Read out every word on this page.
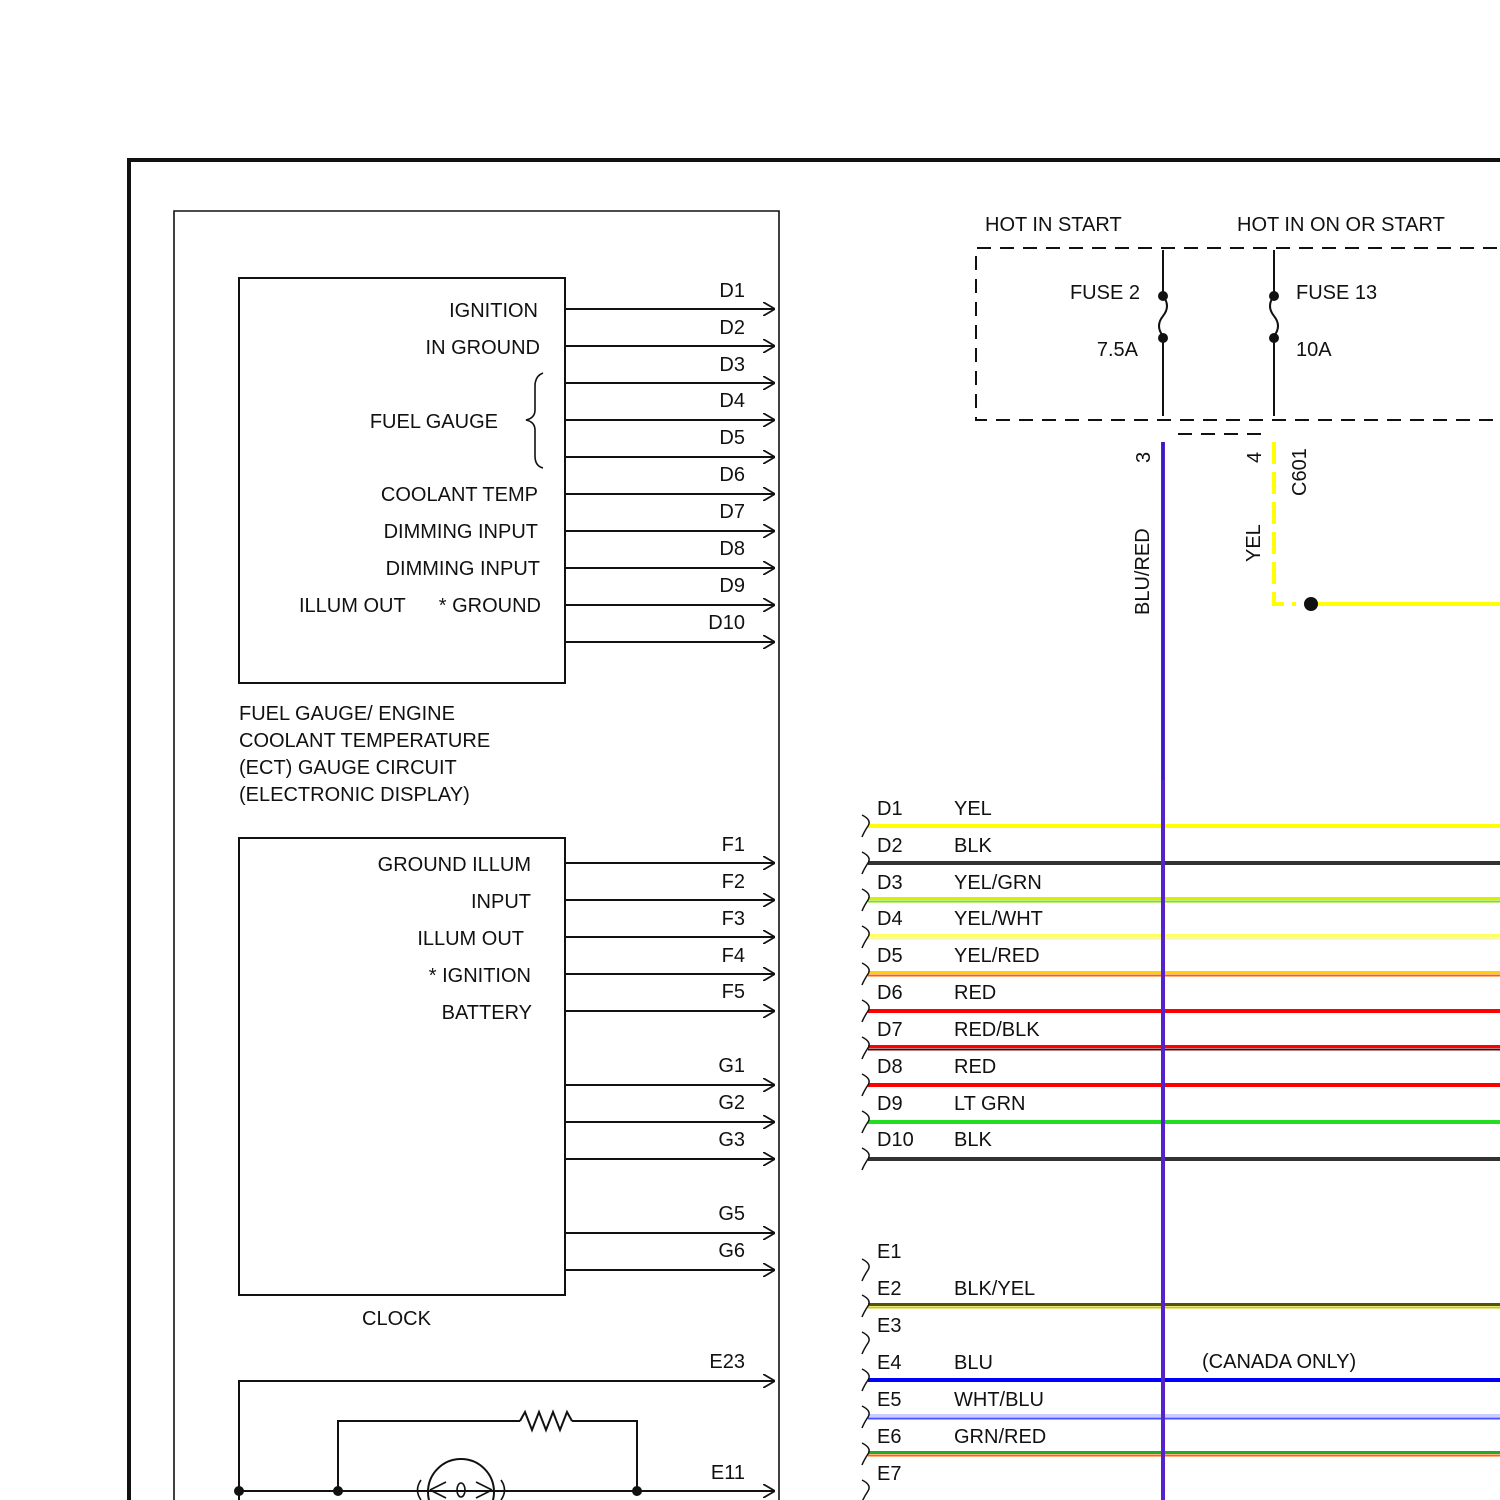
HOT IN START	HOT IN ON OR START
FUSE 2
7.5A
FUSE 13
10A
3	4 C601
BLU/RED	YEL
IGNITION
IN GROUND
FUEL GAUGE
COOLANT TEMP
DIMMING INPUT
DIMMING INPUT
ILLUM OUT * GROUND
D1
D2
D3
D4
D5
D6
D7
D8
D9
D10
FUEL GAUGE/ ENGINE
COOLANT TEMPERATURE
(ECT) GAUGE CIRCUIT
(ELECTRONIC DISPLAY)
GROUND ILLUM
INPUT
ILLUM OUT
* IGNITION
BATTERY
F1
F2
F3
F4
F5
G1
G2
G3
G5
G6
CLOCK
E23
E11
D1	YEL
D2	BLK
D3	YEL/GRN
D4	YEL/WHT
D5	YEL/RED
D6	RED
D7	RED/BLK
D8	RED
D9	LT GRN
D10 BLK
E1
E2	BLK/YEL
E3
E4	BLU
E5	WHT/BLU
E6	GRN/RED
E7
(CANADA ONLY)
